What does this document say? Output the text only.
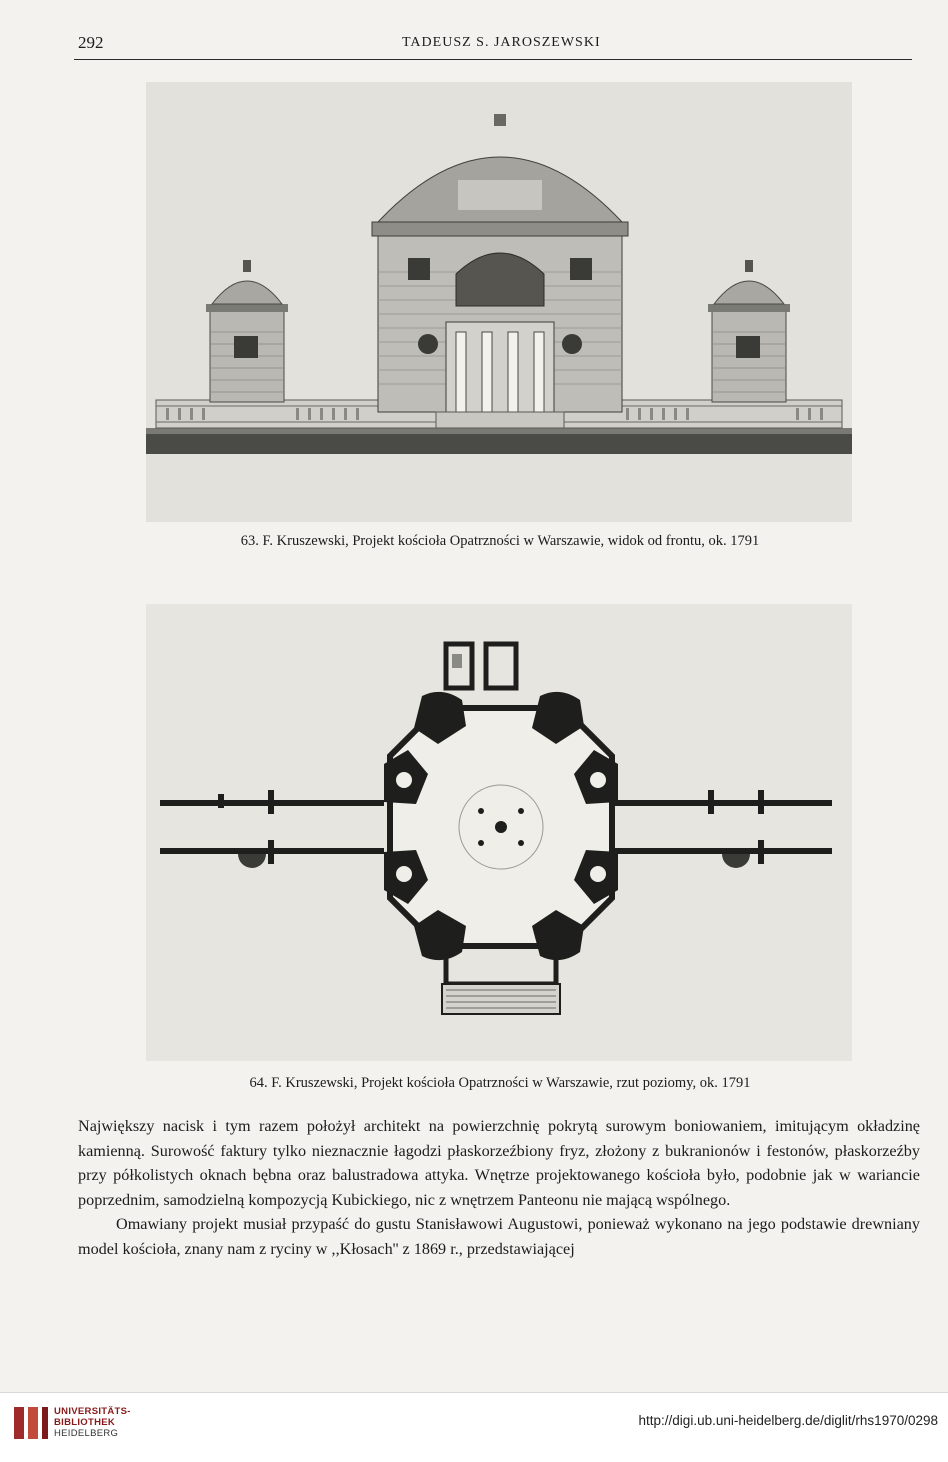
292	TADEUSZ S. JAROSZEWSKI
63. F. Kruszewski, Projekt kościoła Opatrzności w Warszawie, widok od frontu, ok. 1791
64. F. Kruszewski, Projekt kościoła Opatrzności w Warszawie, rzut poziomy, ok. 1791

Największy nacisk i tym razem położył architekt na powierzchnię pokrytą surowym boniowaniem, imitującym okładzinę kamienną. Surowość faktury tylko nieznacznie łagodzi płaskorzeźbiony fryz, złożony z bukranionów i festonów, płaskorzeźby przy półkolistych oknach bębna oraz balustradowa attyka. Wnętrze projektowanego kościoła było, podobnie jak w wariancie poprzednim, samodzielną kompozycją Kubickiego, nic z wnętrzem Panteonu nie mającą wspólnego.

Omawiany projekt musiał przypaść do gustu Stanisławowi Augustowi, ponieważ wykonano na jego podstawie drewniany model kościoła, znany nam z ryciny w ,,Kłosach'' z 1869 r., przedstawiającej

UNIVERSITÄTS-
BIBLIOTHEK
HEIDELBERG
http://digi.ub.uni-heidelberg.de/diglit/rhs1970/0298
